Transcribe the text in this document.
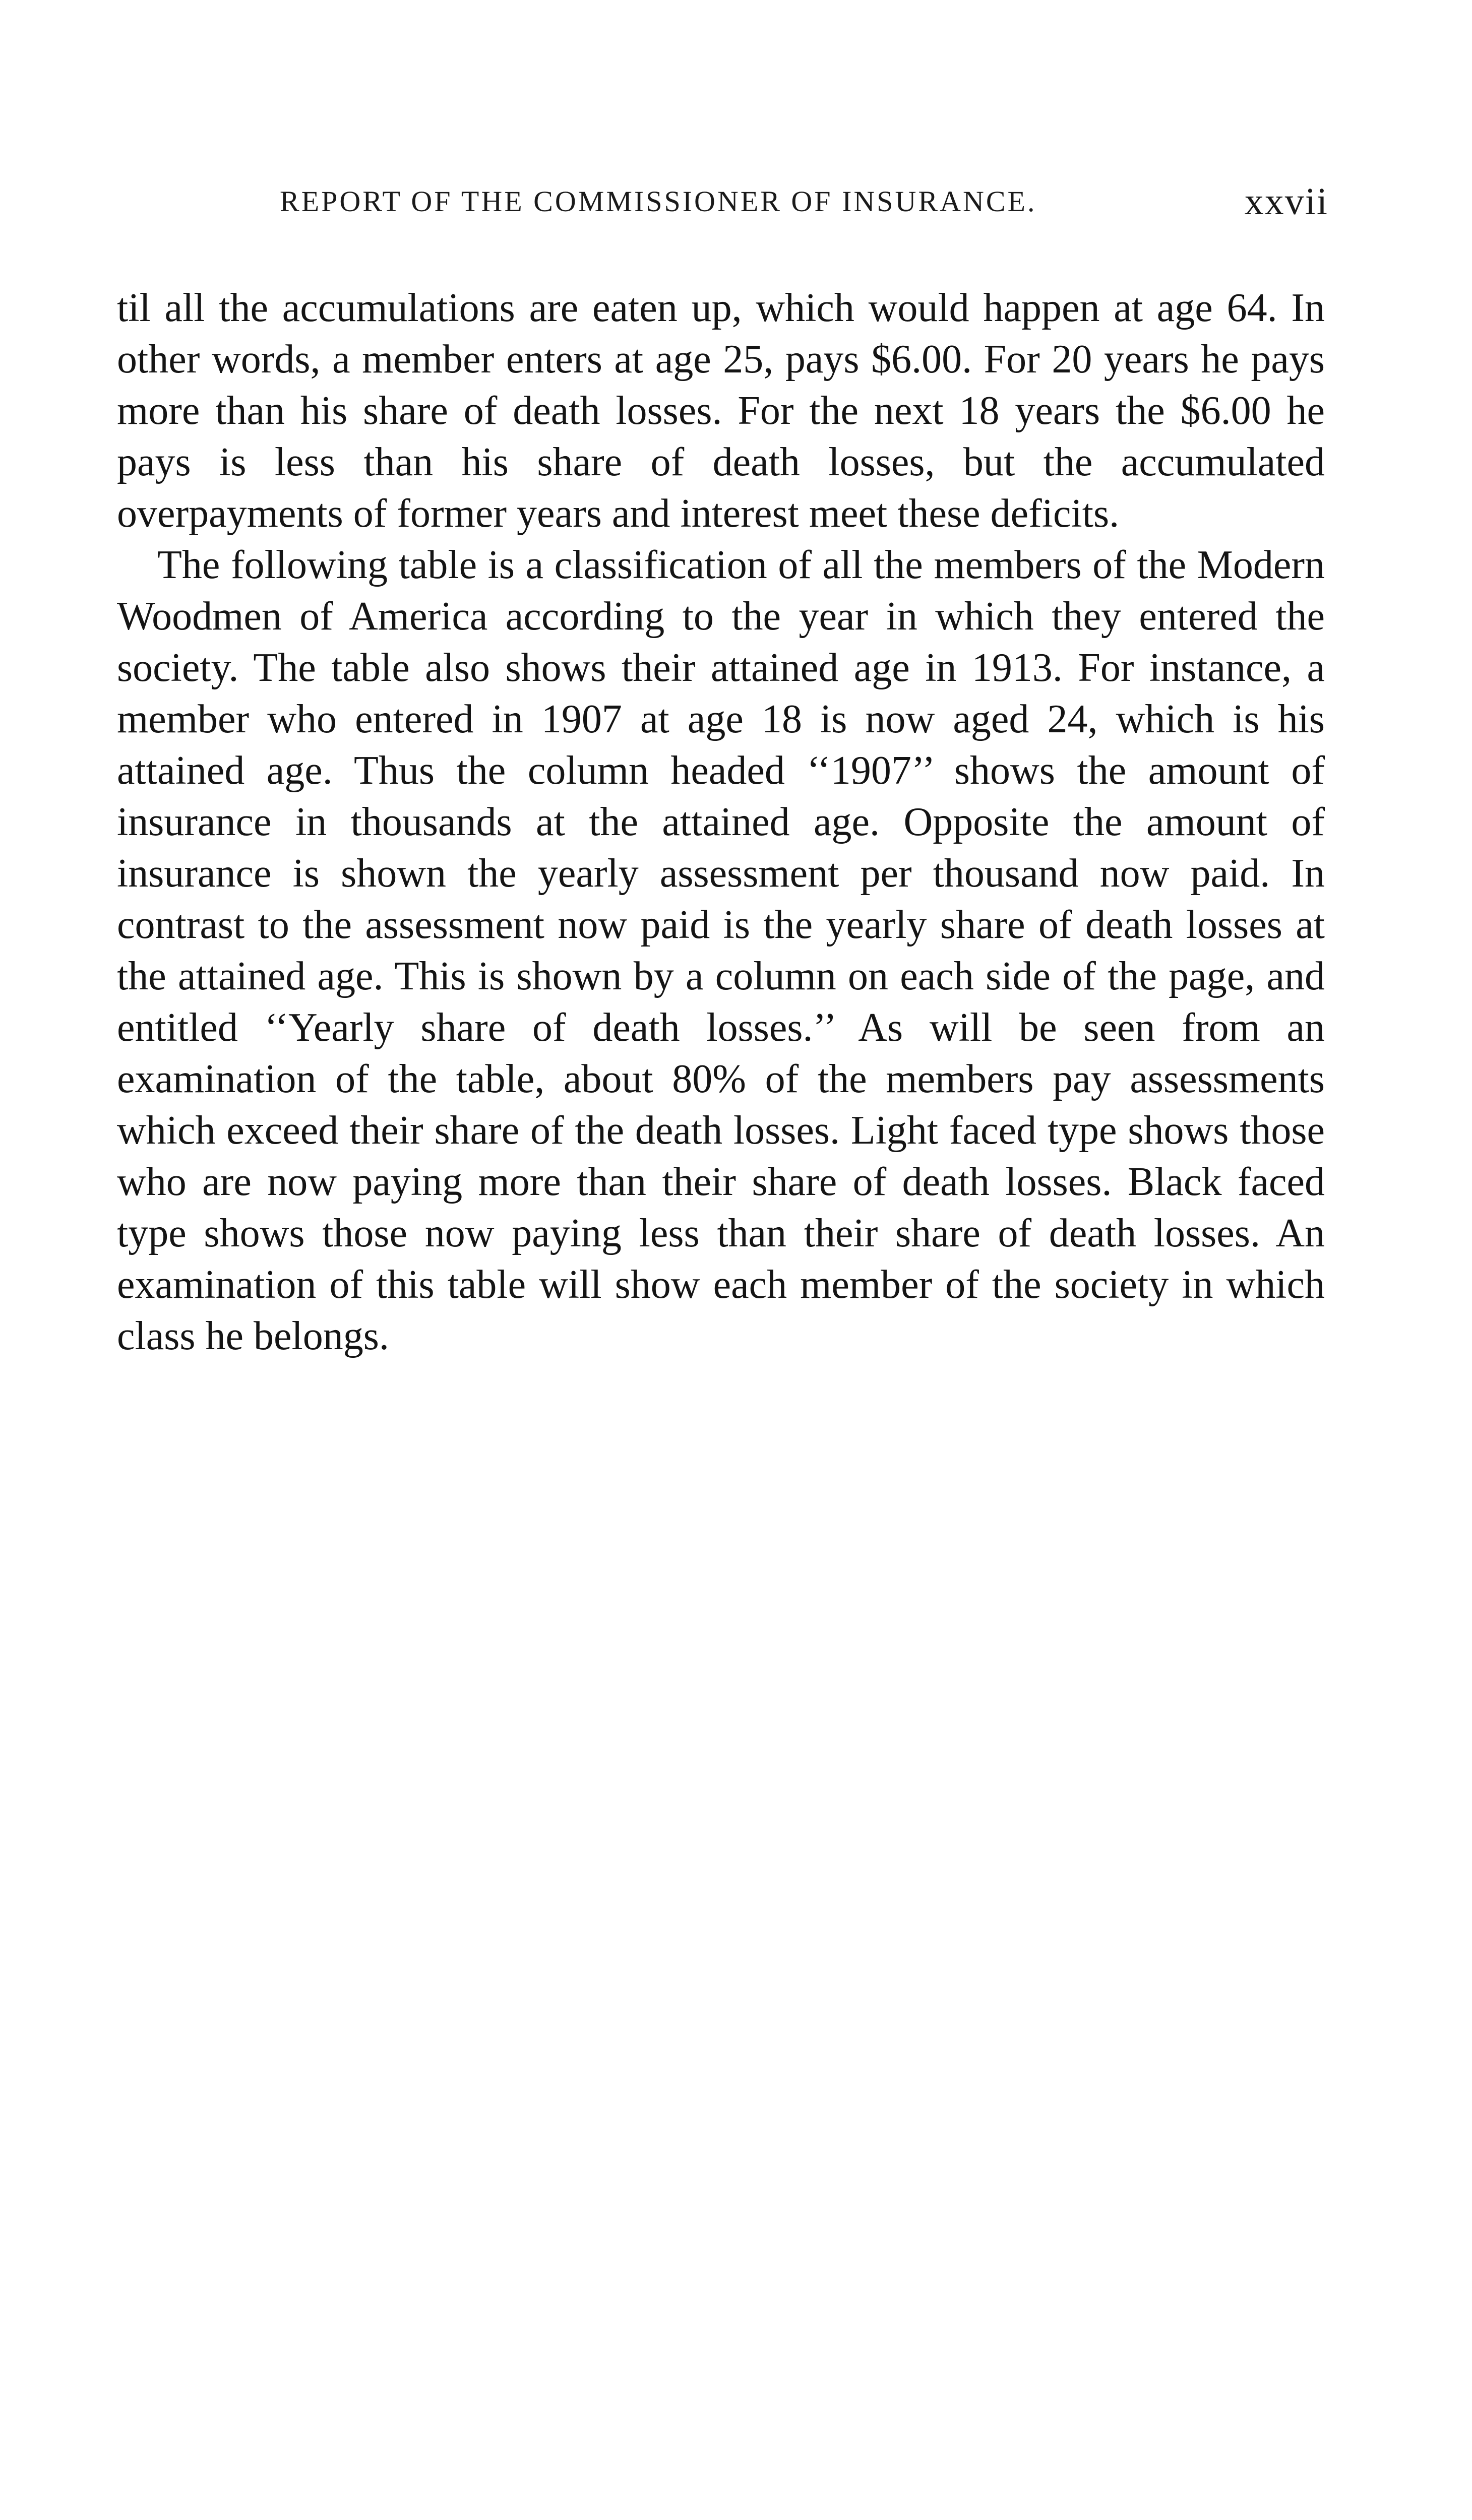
REPORT OF THE COMMISSIONER OF INSURANCE.	xxvii

til all the accumulations are eaten up, which would happen at age 64. In other words, a member enters at age 25, pays $6.00. For 20 years he pays more than his share of death losses. For the next 18 years the $6.00 he pays is less than his share of death losses, but the accumulated overpayments of former years and interest meet these deficits.

The following table is a classification of all the members of the Modern Woodmen of America according to the year in which they entered the society. The table also shows their attained age in 1913. For instance, a member who entered in 1907 at age 18 is now aged 24, which is his attained age. Thus the column headed ‘‘1907’’ shows the amount of insurance in thousands at the attained age. Opposite the amount of insurance is shown the yearly assessment per thousand now paid. In contrast to the assessment now paid is the yearly share of death losses at the attained age. This is shown by a column on each side of the page, and entitled ‘‘Yearly share of death losses.’’ As will be seen from an examination of the table, about 80% of the members pay assessments which exceed their share of the death losses. Light faced type shows those who are now paying more than their share of death losses. Black faced type shows those now paying less than their share of death losses. An examination of this table will show each member of the society in which class he belongs.
